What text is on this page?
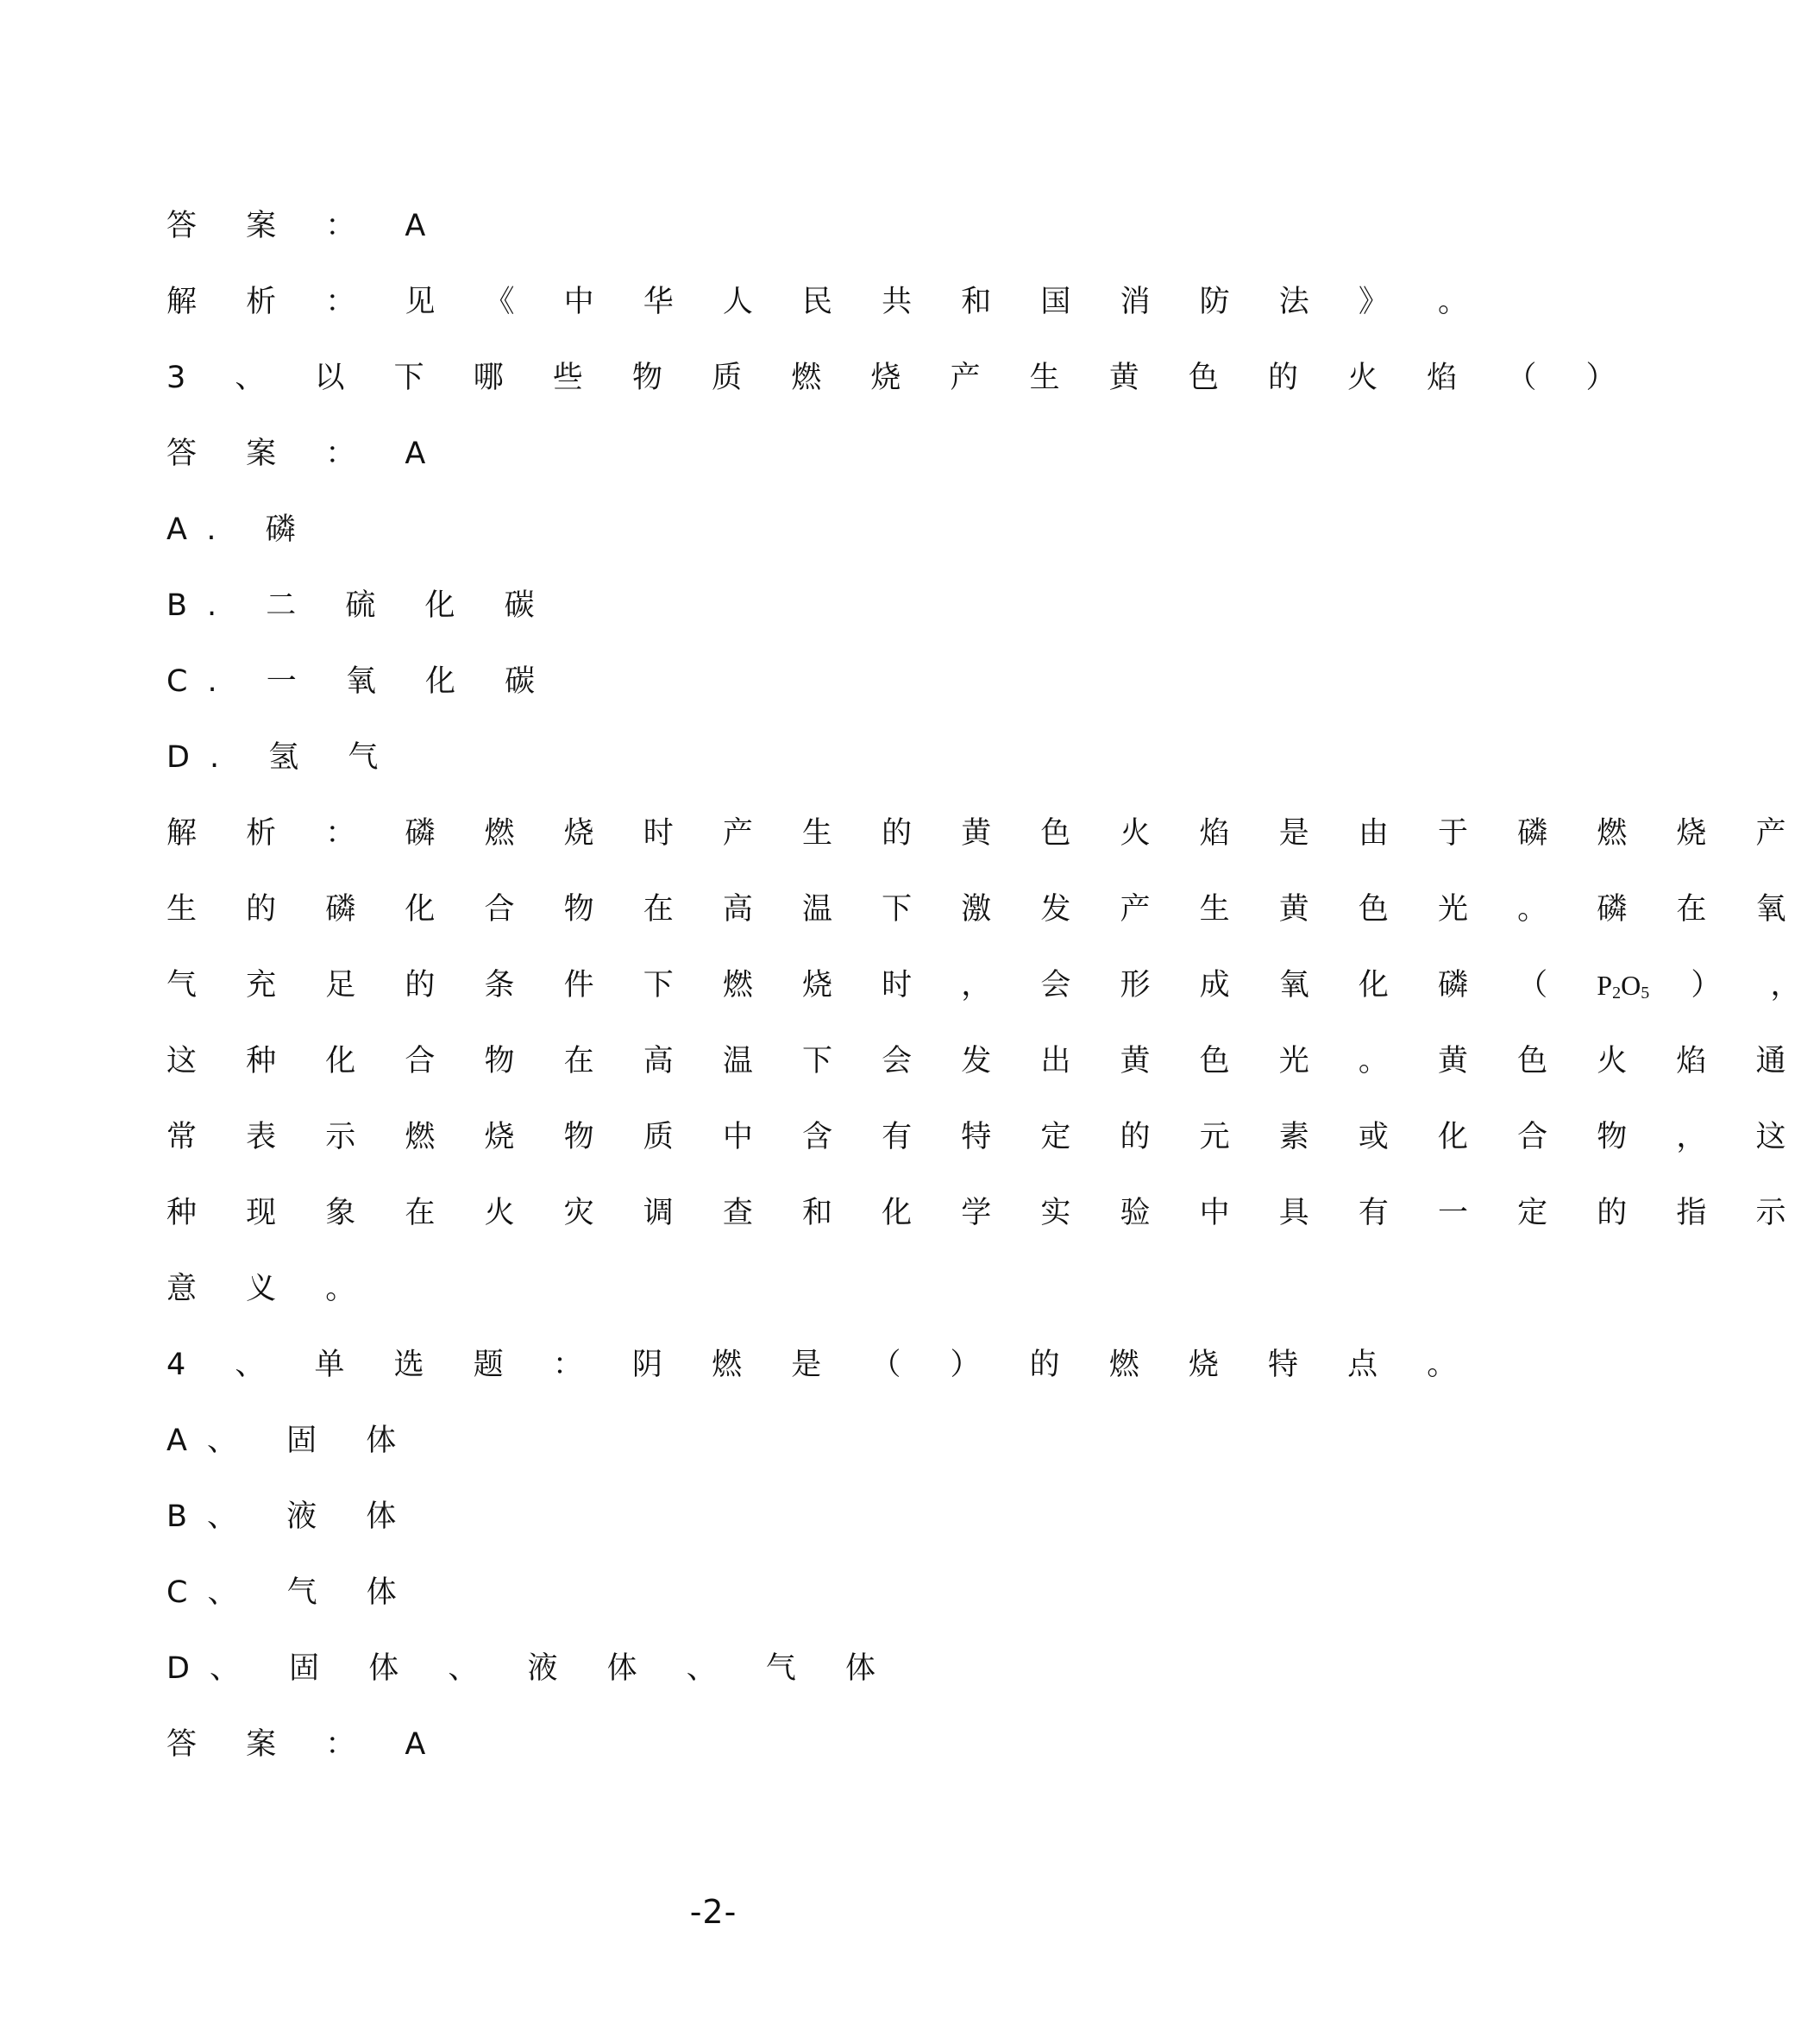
答 案 ： A
解 析 ： 见 《 中 华 人 民 共 和 国 消 防 法 》 。
3 、 以 下 哪 些 物 质 燃 烧 产 生 黄 色 的 火 焰 （ ）
答 案 ： A
A. 磷
B. 二 硫 化 碳
C. 一 氧 化 碳
D. 氢 气
解 析 ： 磷 燃 烧 时 产 生 的 黄 色 火 焰 是 由 于 磷 燃 烧 产
生 的 磷 化 合 物 在 高 温 下 激 发 产 生 黄 色 光 。 磷 在 氧
气 充 足 的 条 件 下 燃 烧 时 ， 会 形 成 氧 化 磷 （ $P_2O_5$ ） ，
这 种 化 合 物 在 高 温 下 会 发 出 黄 色 光 。 黄 色 火 焰 通
常 表 示 燃 烧 物 质 中 含 有 特 定 的 元 素 或 化 合 物 ， 这
种 现 象 在 火 灾 调 查 和 化 学 实 验 中 具 有 一 定 的 指 示
意 义 。
4 、 单 选 题 ： 阴 燃 是 （ ） 的 燃 烧 特 点 。
A、 固 体
B、 液 体
C、 气 体
D、 固 体 、 液 体 、 气 体
答 案 ： A
-2-
